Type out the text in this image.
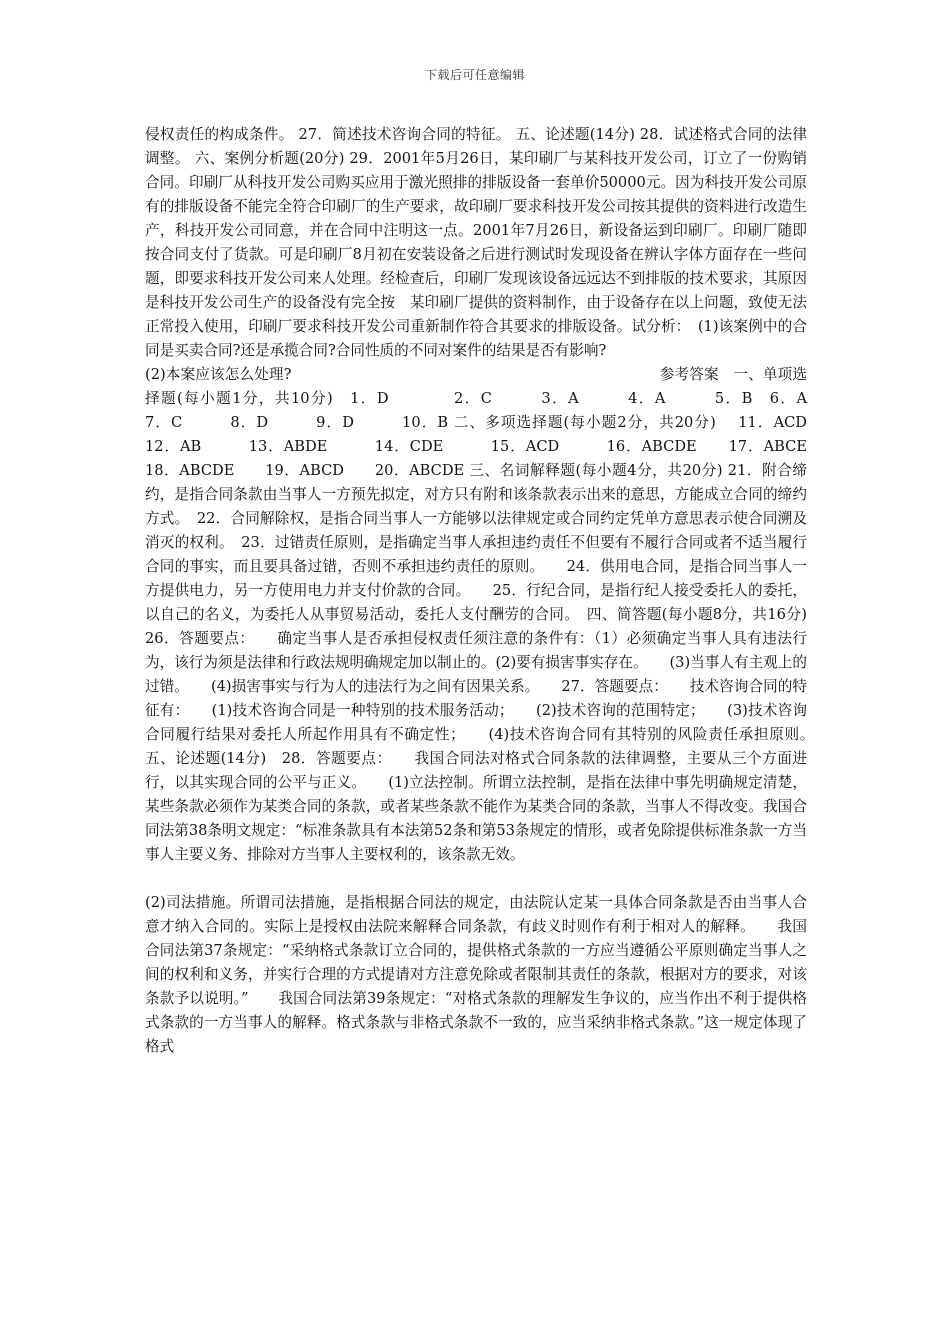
下载后可任意编辑

侵权责任的构成条件。 27．简述技术咨询合同的特征。 五、论述题(14分) 28．试述格式合同的法律调整。 六、案例分析题(20分) 29．2001年5月26日，某印刷厂与某科技开发公司，订立了一份购销合同。印刷厂从科技开发公司购买应用于激光照排的排版设备一套单价50000元。因为科技开发公司原有的排版设备不能完全符合印刷厂的生产要求，故印刷厂要求科技开发公司按其提供的资料进行改造生产，科技开发公司同意，并在合同中注明这一点。2001年7月26日，新设备运到印刷厂。印刷厂随即按合同支付了货款。可是印刷厂8月初在安装设备之后进行测试时发现设备在辨认字体方面存在一些问题，即要求科技开发公司来人处理。经检查后，印刷厂发现该设备远远达不到排版的技术要求，其原因是科技开发公司生产的设备没有完全按　某印刷厂提供的资料制作，由于设备存在以上问题，致使无法正常投入使用，印刷厂要求科技开发公司重新制作符合其要求的排版设备。试分析：　(1)该案例中的合同是买卖合同?还是承揽合同?合同性质的不同对案件的结果是否有影响?

(2)本案应该怎么处理?　　　　　　　　　　　　　　　　　　　　　　　　　参考答案　一、单项选择题(每小题1分，共10分)　1．D　　　　2．C　　　3．A　　　4．A　　　5．B　6．A　　　7．C　　　8．D　　　9．D　　　10．B 二、多项选择题(每小题2分，共20分)　 11．ACD　　　12．AB　　　13．ABDE　　　14．CDE　　　15．ACD　　　16．ABCDE　　17．ABCE　　18．ABCDE　　19．ABCD　　20．ABCDE 三、名词解释题(每小题4分，共20分) 21．附合缔约，是指合同条款由当事人一方预先拟定，对方只有附和该条款表示出来的意思，方能成立合同的缔约方式。　22．合同解除权，是指合同当事人一方能够以法律规定或合同约定凭单方意思表示使合同溯及消灭的权利。　23．过错责任原则，是指确定当事人承担违约责任不但要有不履行合同或者不适当履行合同的事实，而且要具备过错，否则不承担违约责任的原则。　　24．供用电合同，是指合同当事人一方提供电力，另一方使用电力并支付价款的合同。　　25．行纪合同，是指行纪人接受委托人的委托，以自己的名义，为委托人从事贸易活动，委托人支付酬劳的合同。　四、简答题(每小题8分，共16分)　26．答题要点：　　确定当事人是否承担侵权责任须注意的条件有：（1）必须确定当事人具有违法行为，该行为须是法律和行政法规明确规定加以制止的。(2)要有损害事实存在。　　(3)当事人有主观上的过错。　　(4)损害事实与行为人的违法行为之间有因果关系。　　27．答题要点：　　技术咨询合同的特征有：　　(1)技术咨询合同是一种特别的技术服务活动；　　(2)技术咨询的范围特定；　　(3)技术咨询合同履行结果对委托人所起作用具有不确定性；　　(4)技术咨询合同有其特别的风险责任承担原则。　五、论述题(14分)　28．答题要点：　　我国合同法对格式合同条款的法律调整，主要从三个方面进行，以其实现合同的公平与正义。　　(1)立法控制。所谓立法控制，是指在法律中事先明确规定清楚，某些条款必须作为某类合同的条款，或者某些条款不能作为某类合同的条款，当事人不得改变。我国合同法第38条明文规定：“标准条款具有本法第52条和第53条规定的情形，或者免除提供标准条款一方当事人主要义务、排除对方当事人主要权利的，该条款无效。

(2)司法措施。所谓司法措施，是指根据合同法的规定，由法院认定某一具体合同条款是否由当事人合意才纳入合同的。实际上是授权由法院来解释合同条款，有歧义时则作有利于相对人的解释。　　我国合同法第37条规定：“采纳格式条款订立合同的，提供格式条款的一方应当遵循公平原则确定当事人之间的权利和义务，并实行合理的方式提请对方注意免除或者限制其责任的条款，根据对方的要求，对该条款予以说明。”　　我国合同法第39条规定：“对格式条款的理解发生争议的，应当作出不利于提供格式条款的一方当事人的解释。格式条款与非格式条款不一致的，应当采纳非格式条款。”这一规定体现了格式
